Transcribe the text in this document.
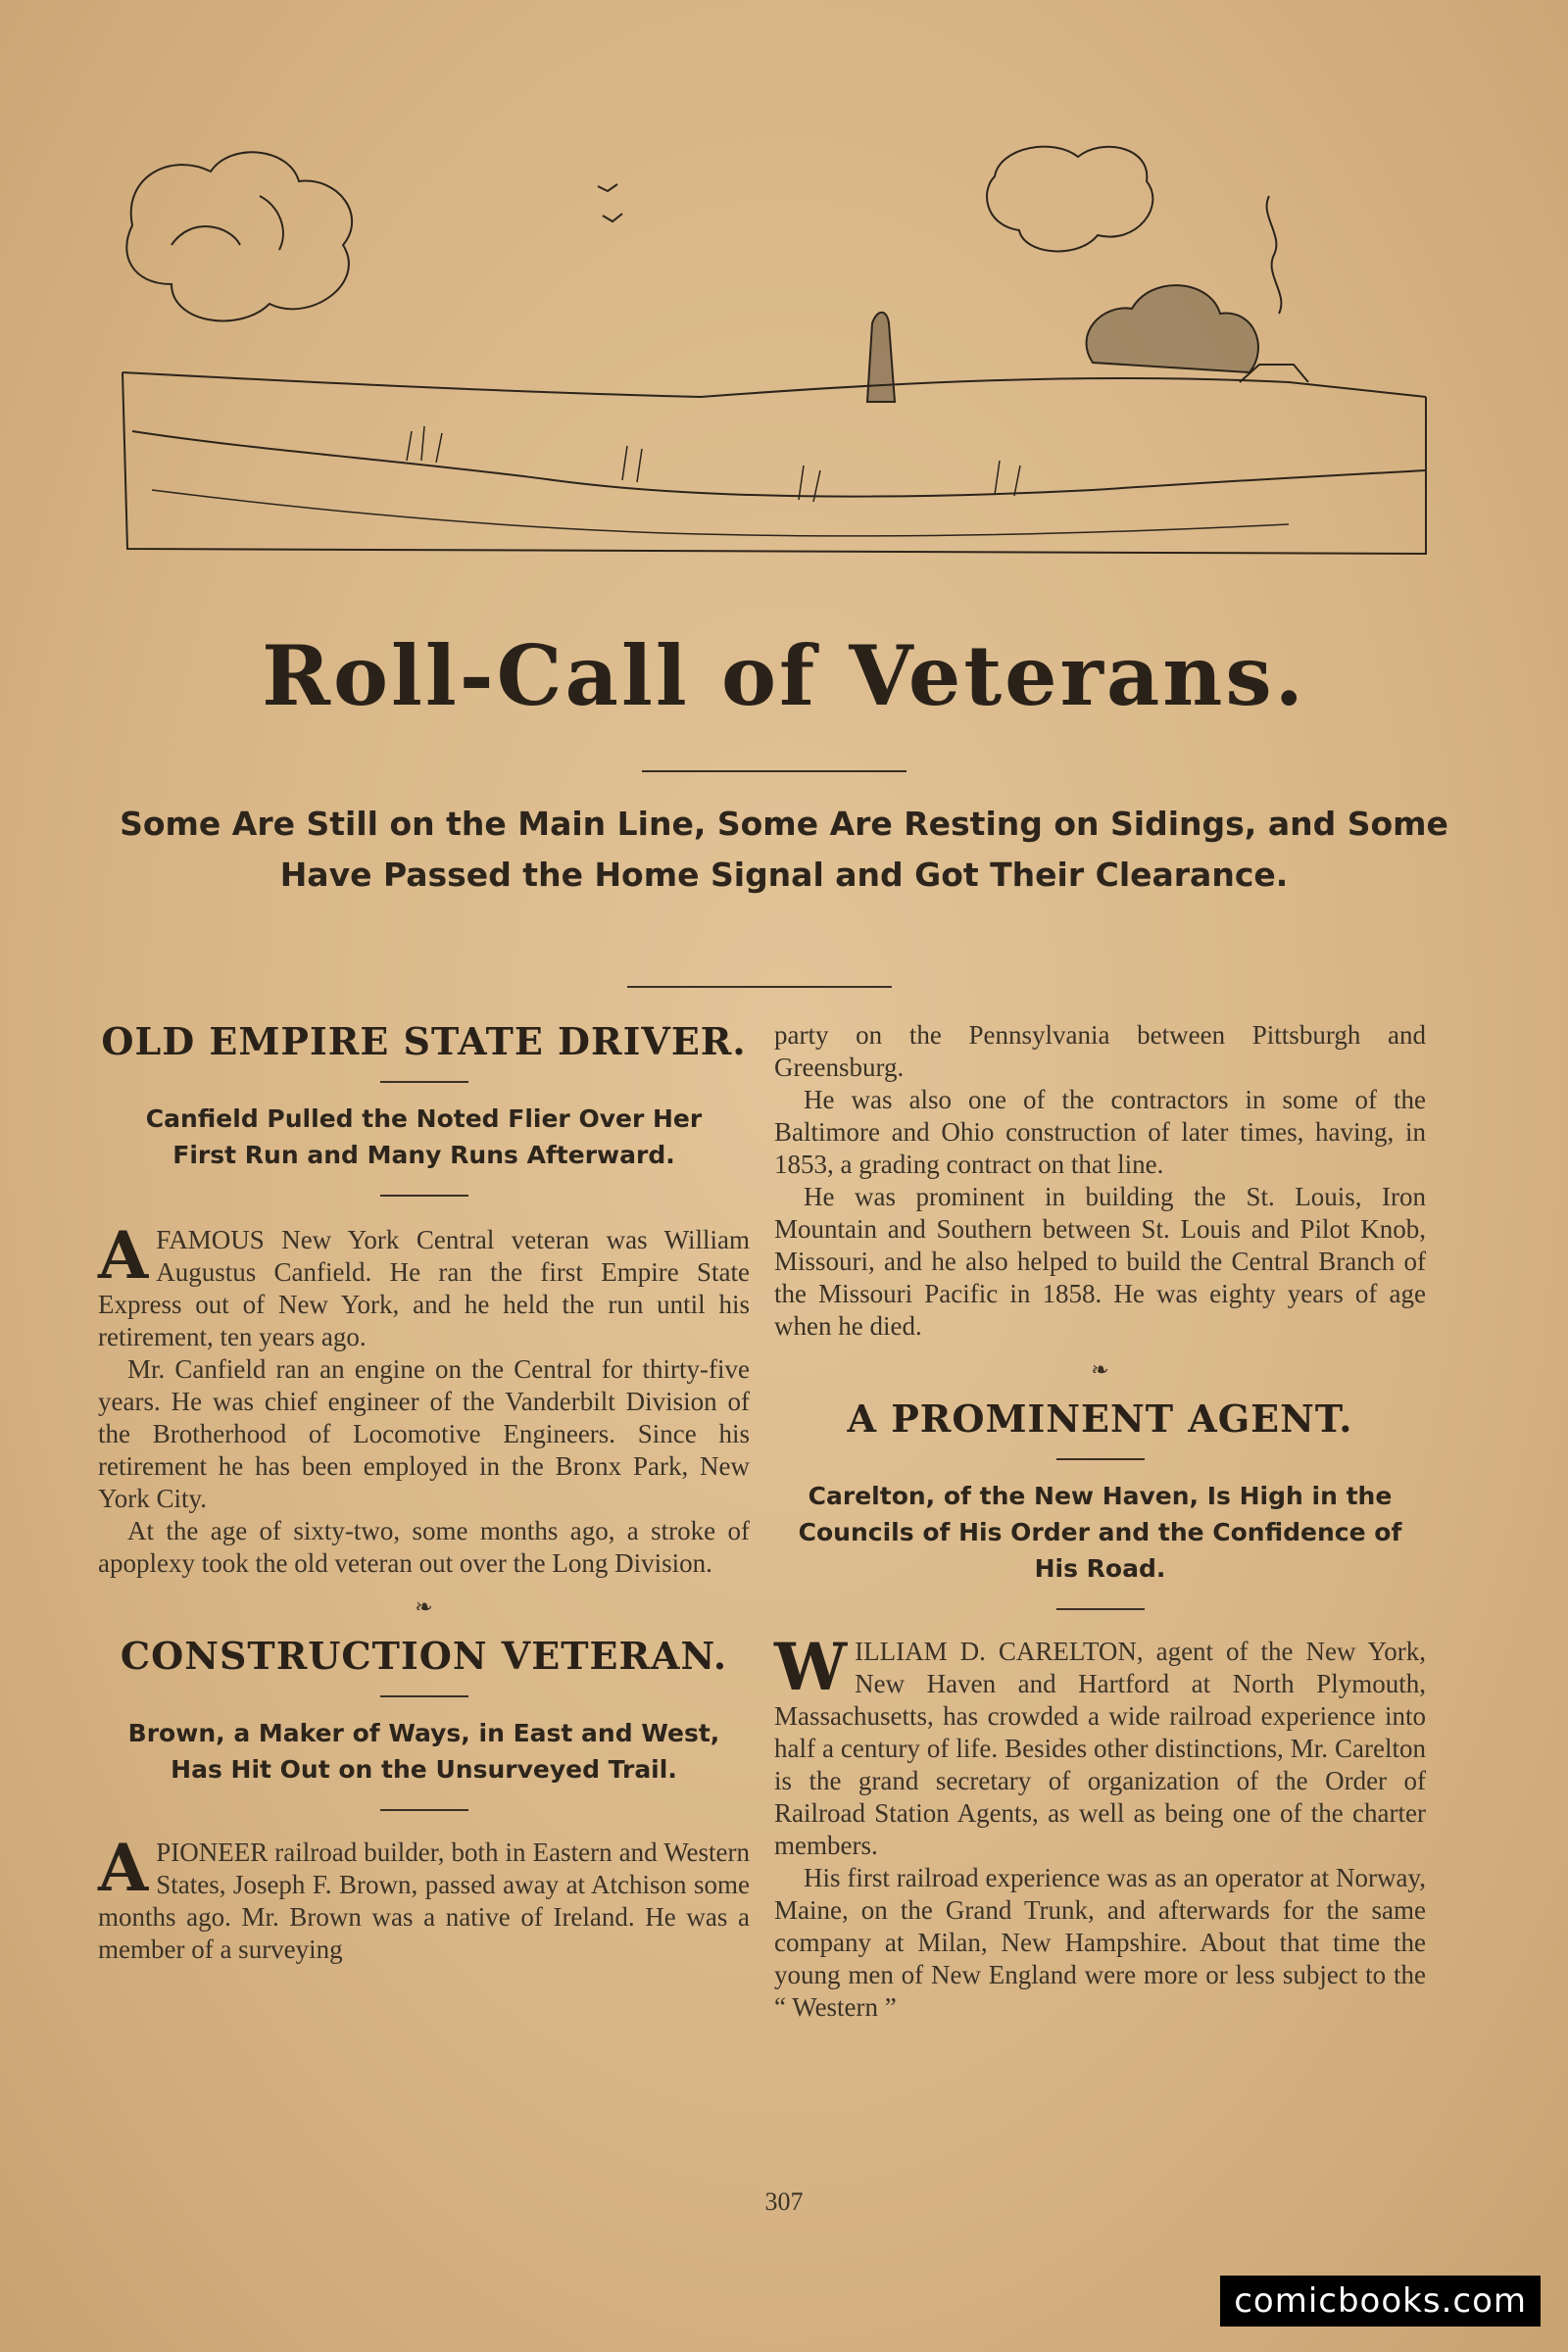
Roll-Call of Veterans.
Some Are Still on the Main Line, Some Are Resting on Sidings, and Some Have Passed the Home Signal and Got Their Clearance.
OLD EMPIRE STATE DRIVER.
Canfield Pulled the Noted Flier Over Her First Run and Many Runs Afterward.

AFAMOUS New York Central veteran was William Augustus Canfield. He ran the first Empire State Express out of New York, and he held the run until his retirement, ten years ago.

Mr. Canfield ran an engine on the Central for thirty-five years. He was chief engineer of the Vanderbilt Division of the Brotherhood of Locomotive Engineers. Since his retirement he has been employed in the Bronx Park, New York City.

At the age of sixty-two, some months ago, a stroke of apoplexy took the old veteran out over the Long Division.

❧
CONSTRUCTION VETERAN.
Brown, a Maker of Ways, in East and West, Has Hit Out on the Unsurveyed Trail.

APIONEER railroad builder, both in Eastern and Western States, Joseph F. Brown, passed away at Atchison some months ago. Mr. Brown was a native of Ireland. He was a member of a surveying

party on the Pennsylvania between Pittsburgh and Greensburg.

He was also one of the contractors in some of the Baltimore and Ohio construction of later times, having, in 1853, a grading contract on that line.

He was prominent in building the St. Louis, Iron Mountain and Southern between St. Louis and Pilot Knob, Missouri, and he also helped to build the Central Branch of the Missouri Pacific in 1858. He was eighty years of age when he died.

❧
A PROMINENT AGENT.
Carelton, of the New Haven, Is High in the Councils of His Order and the Confidence of His Road.

WILLIAM D. CARELTON, agent of the New York, New Haven and Hartford at North Plymouth, Massachusetts, has crowded a wide railroad experience into half a century of life. Besides other distinctions, Mr. Carelton is the grand secretary of organization of the Order of Railroad Station Agents, as well as being one of the charter members.

His first railroad experience was as an operator at Norway, Maine, on the Grand Trunk, and afterwards for the same company at Milan, New Hampshire. About that time the young men of New England were more or less subject to the “ Western ”

307
comicbooks.com
